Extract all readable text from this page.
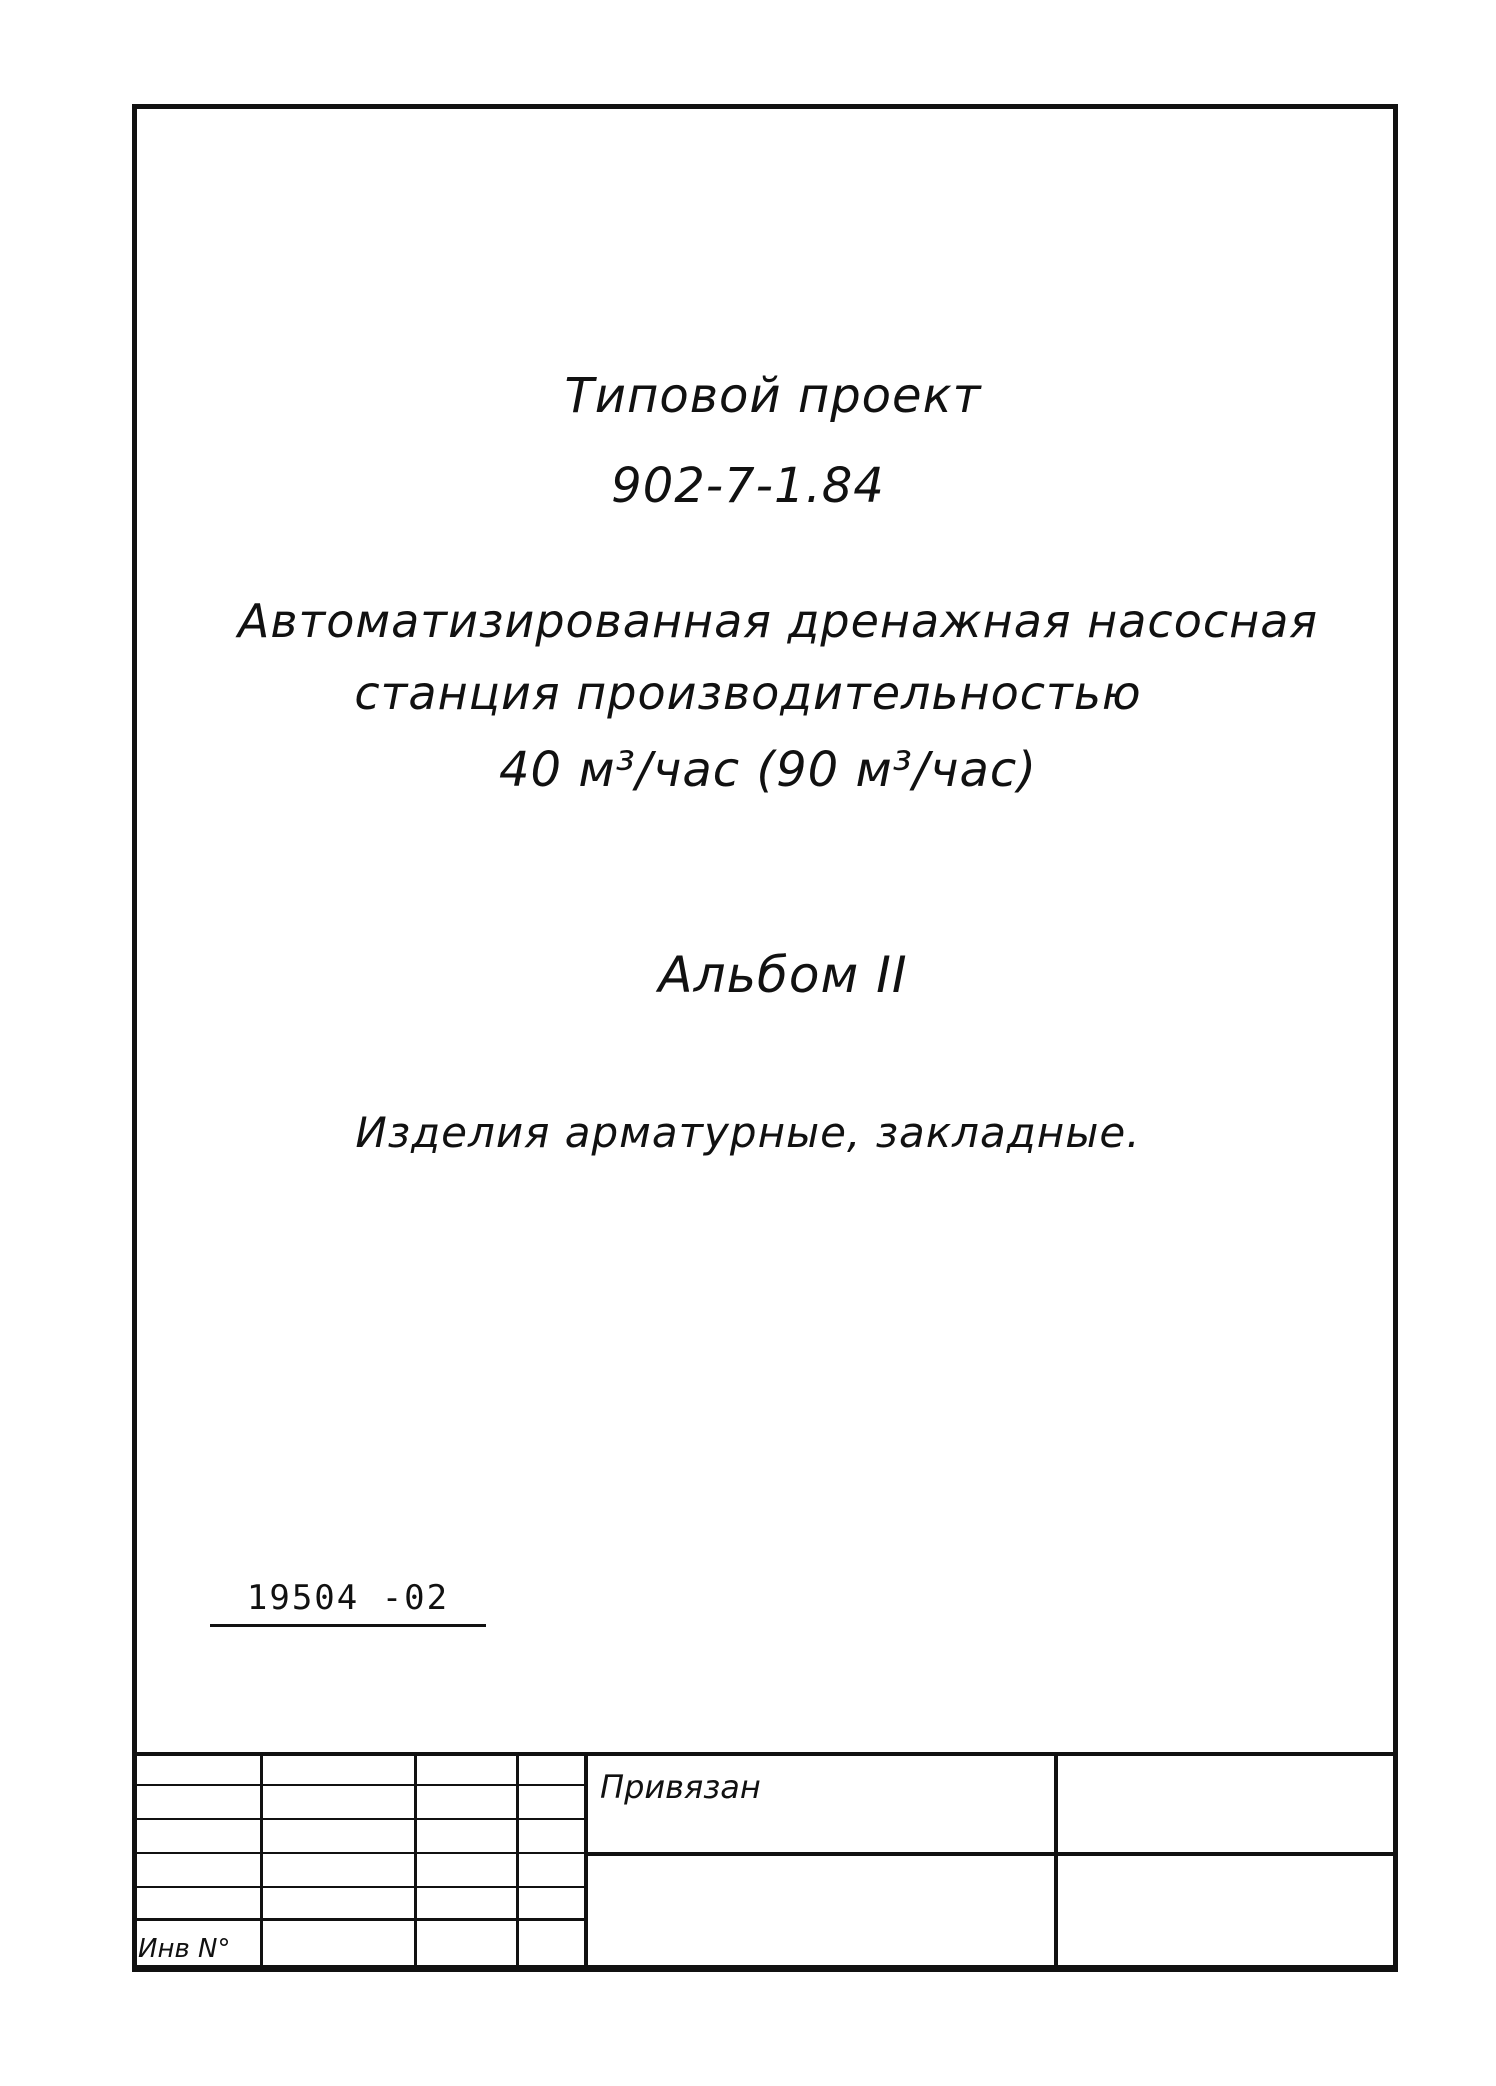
Типовой проект
902-7-1.84
Автоматизированная дренажная насосная
станция производительностью
40 м³/час (90 м³/час)
Альбом II
Изделия арматурные, закладные.
19504 -02
Привязан
Инв N°
